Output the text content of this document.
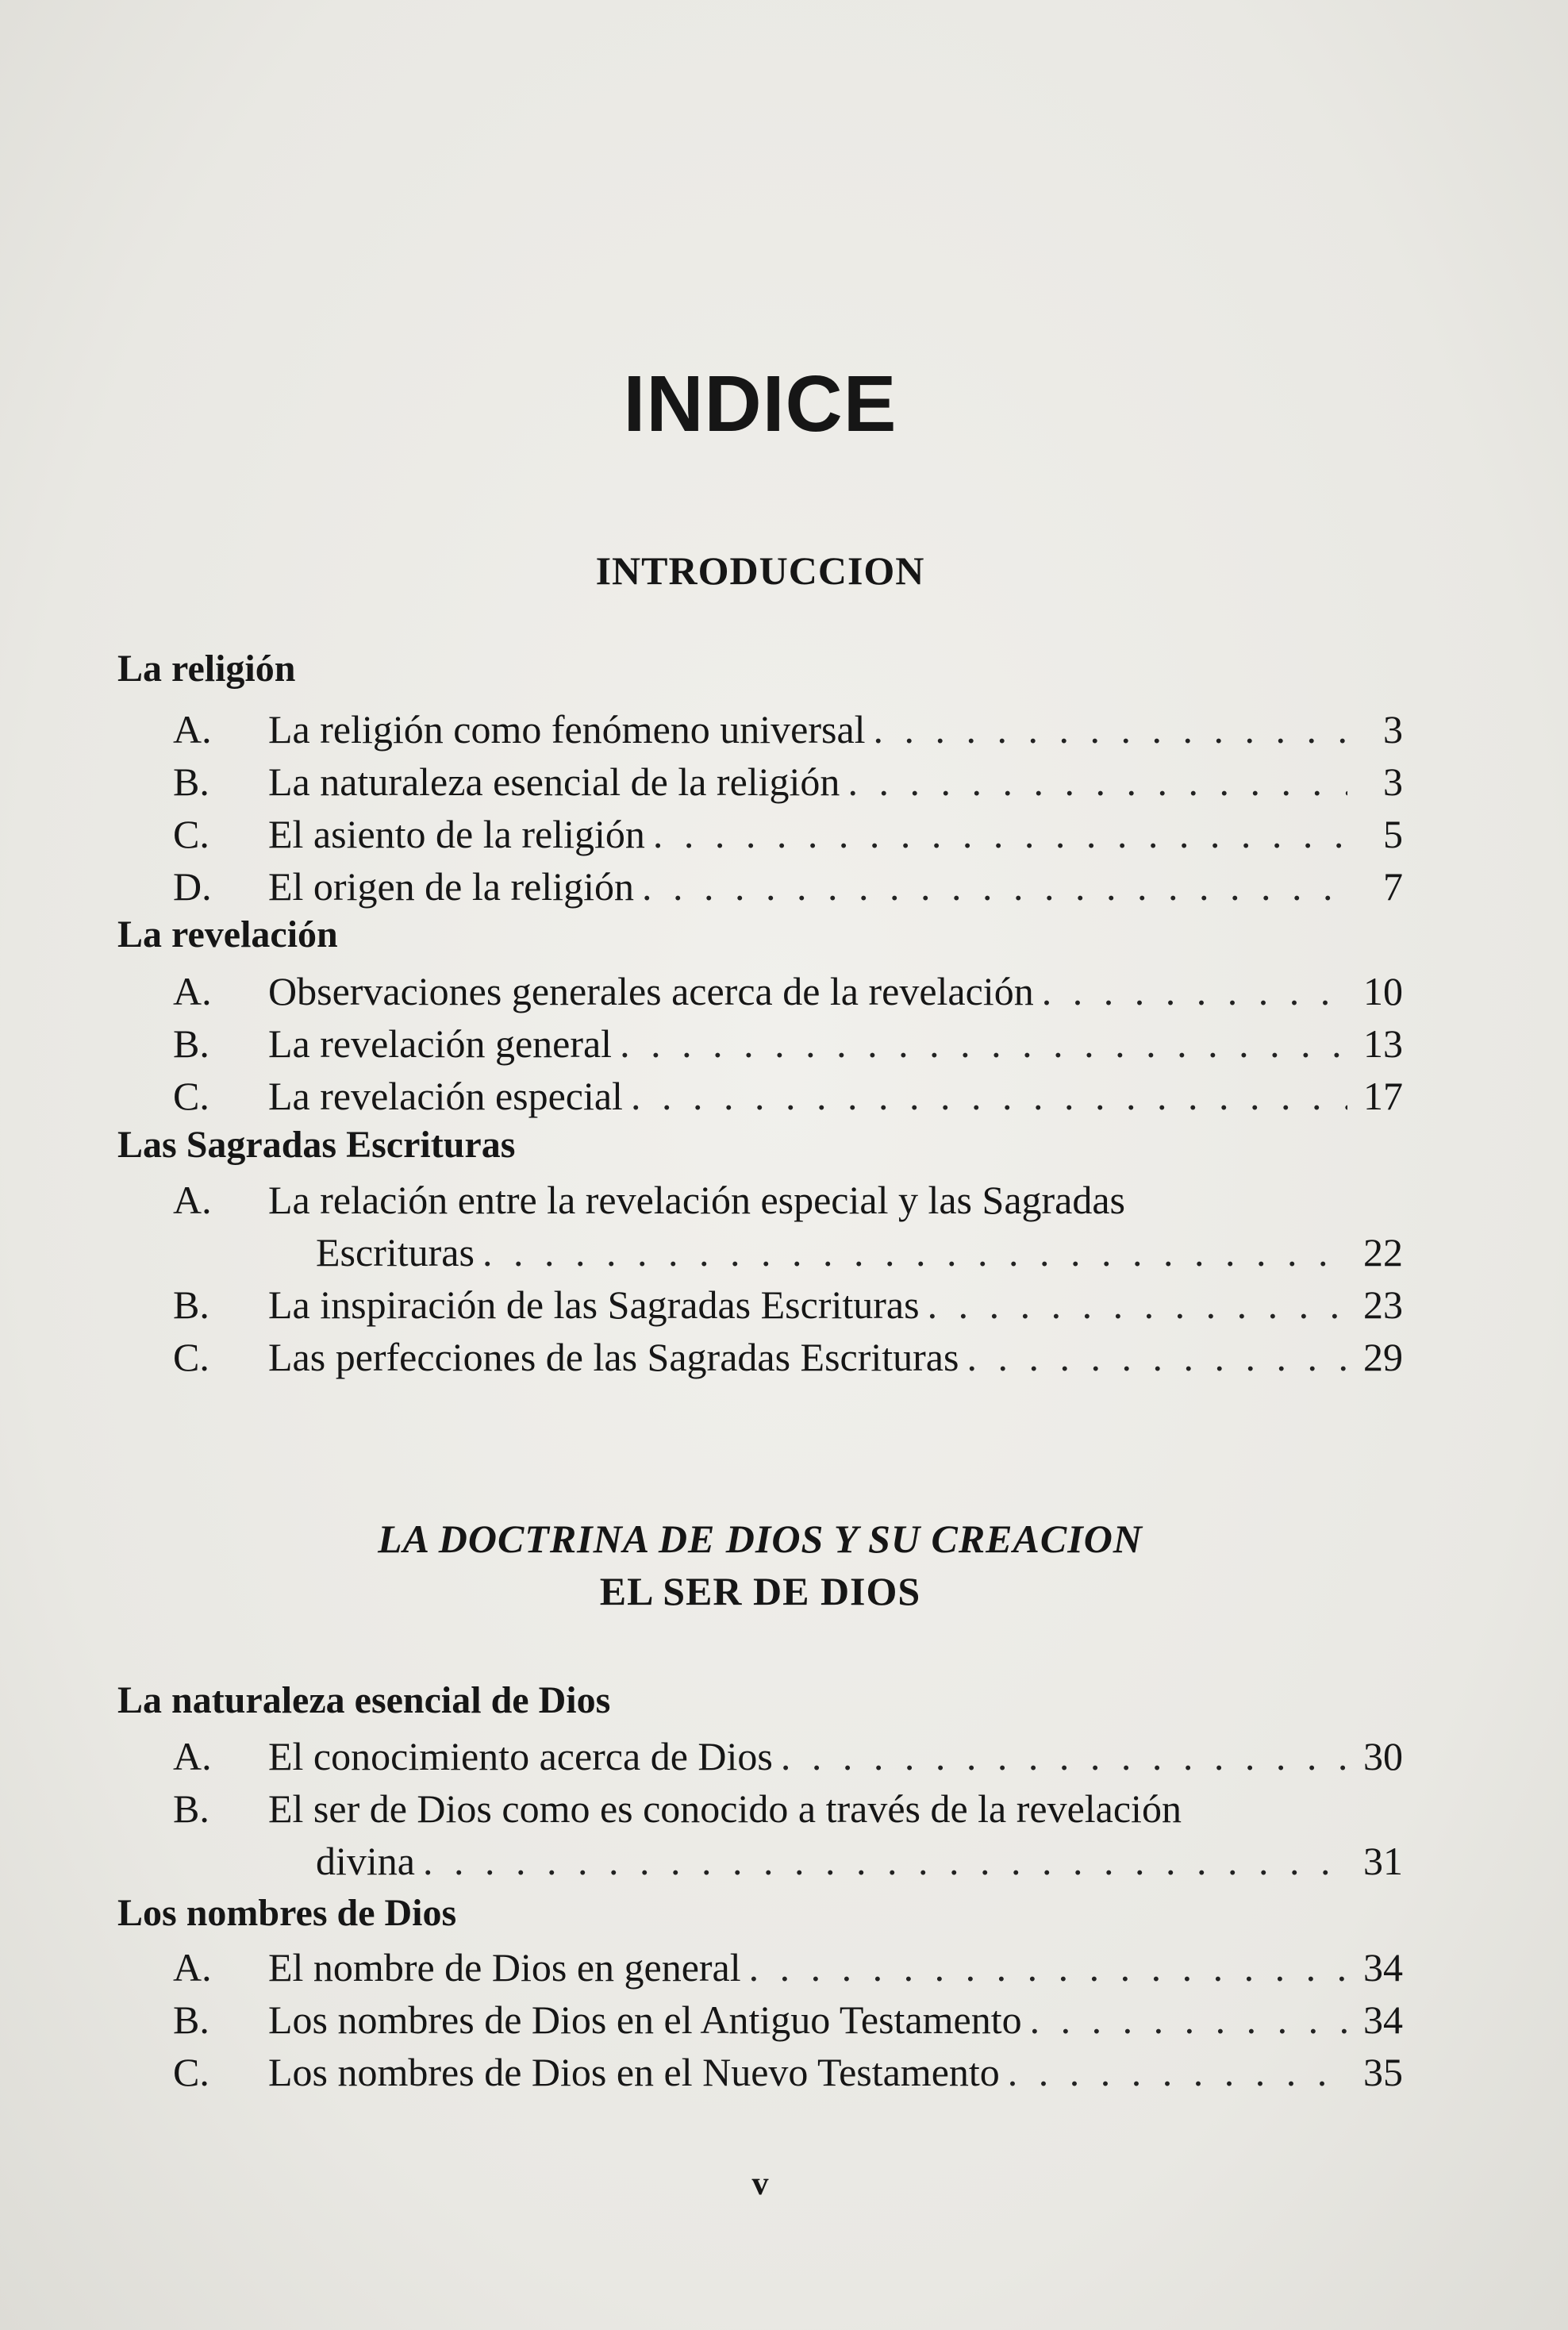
INDICE
INTRODUCCION
La religión
A.	La religión como fenómeno universal . . .	3
B.	La naturaleza esencial de la religión . . .	3
C.	El asiento de la religión . . .	5
D.	El origen de la religión . . .	7
La revelación
A.	Observaciones generales acerca de la revelación . . .	10
B.	La revelación general . . .	13
C.	La revelación especial . . .	17
Las Sagradas Escrituras
A.	La relación entre la revelación especial y las Sagradas
Escrituras . . .	22
B.	La inspiración de las Sagradas Escrituras . . .	23
C.	Las perfecciones de las Sagradas Escrituras . . .	29
LA DOCTRINA DE DIOS Y SU CREACION
EL SER DE DIOS
La naturaleza esencial de Dios
A.	El conocimiento acerca de Dios . . .	30
B.	El ser de Dios como es conocido a través de la revelación
divina . . .	31
Los nombres de Dios
A.	El nombre de Dios en general . . .	34
B.	Los nombres de Dios en el Antiguo Testamento . . .	34
C.	Los nombres de Dios en el Nuevo Testamento . . .	35
v
